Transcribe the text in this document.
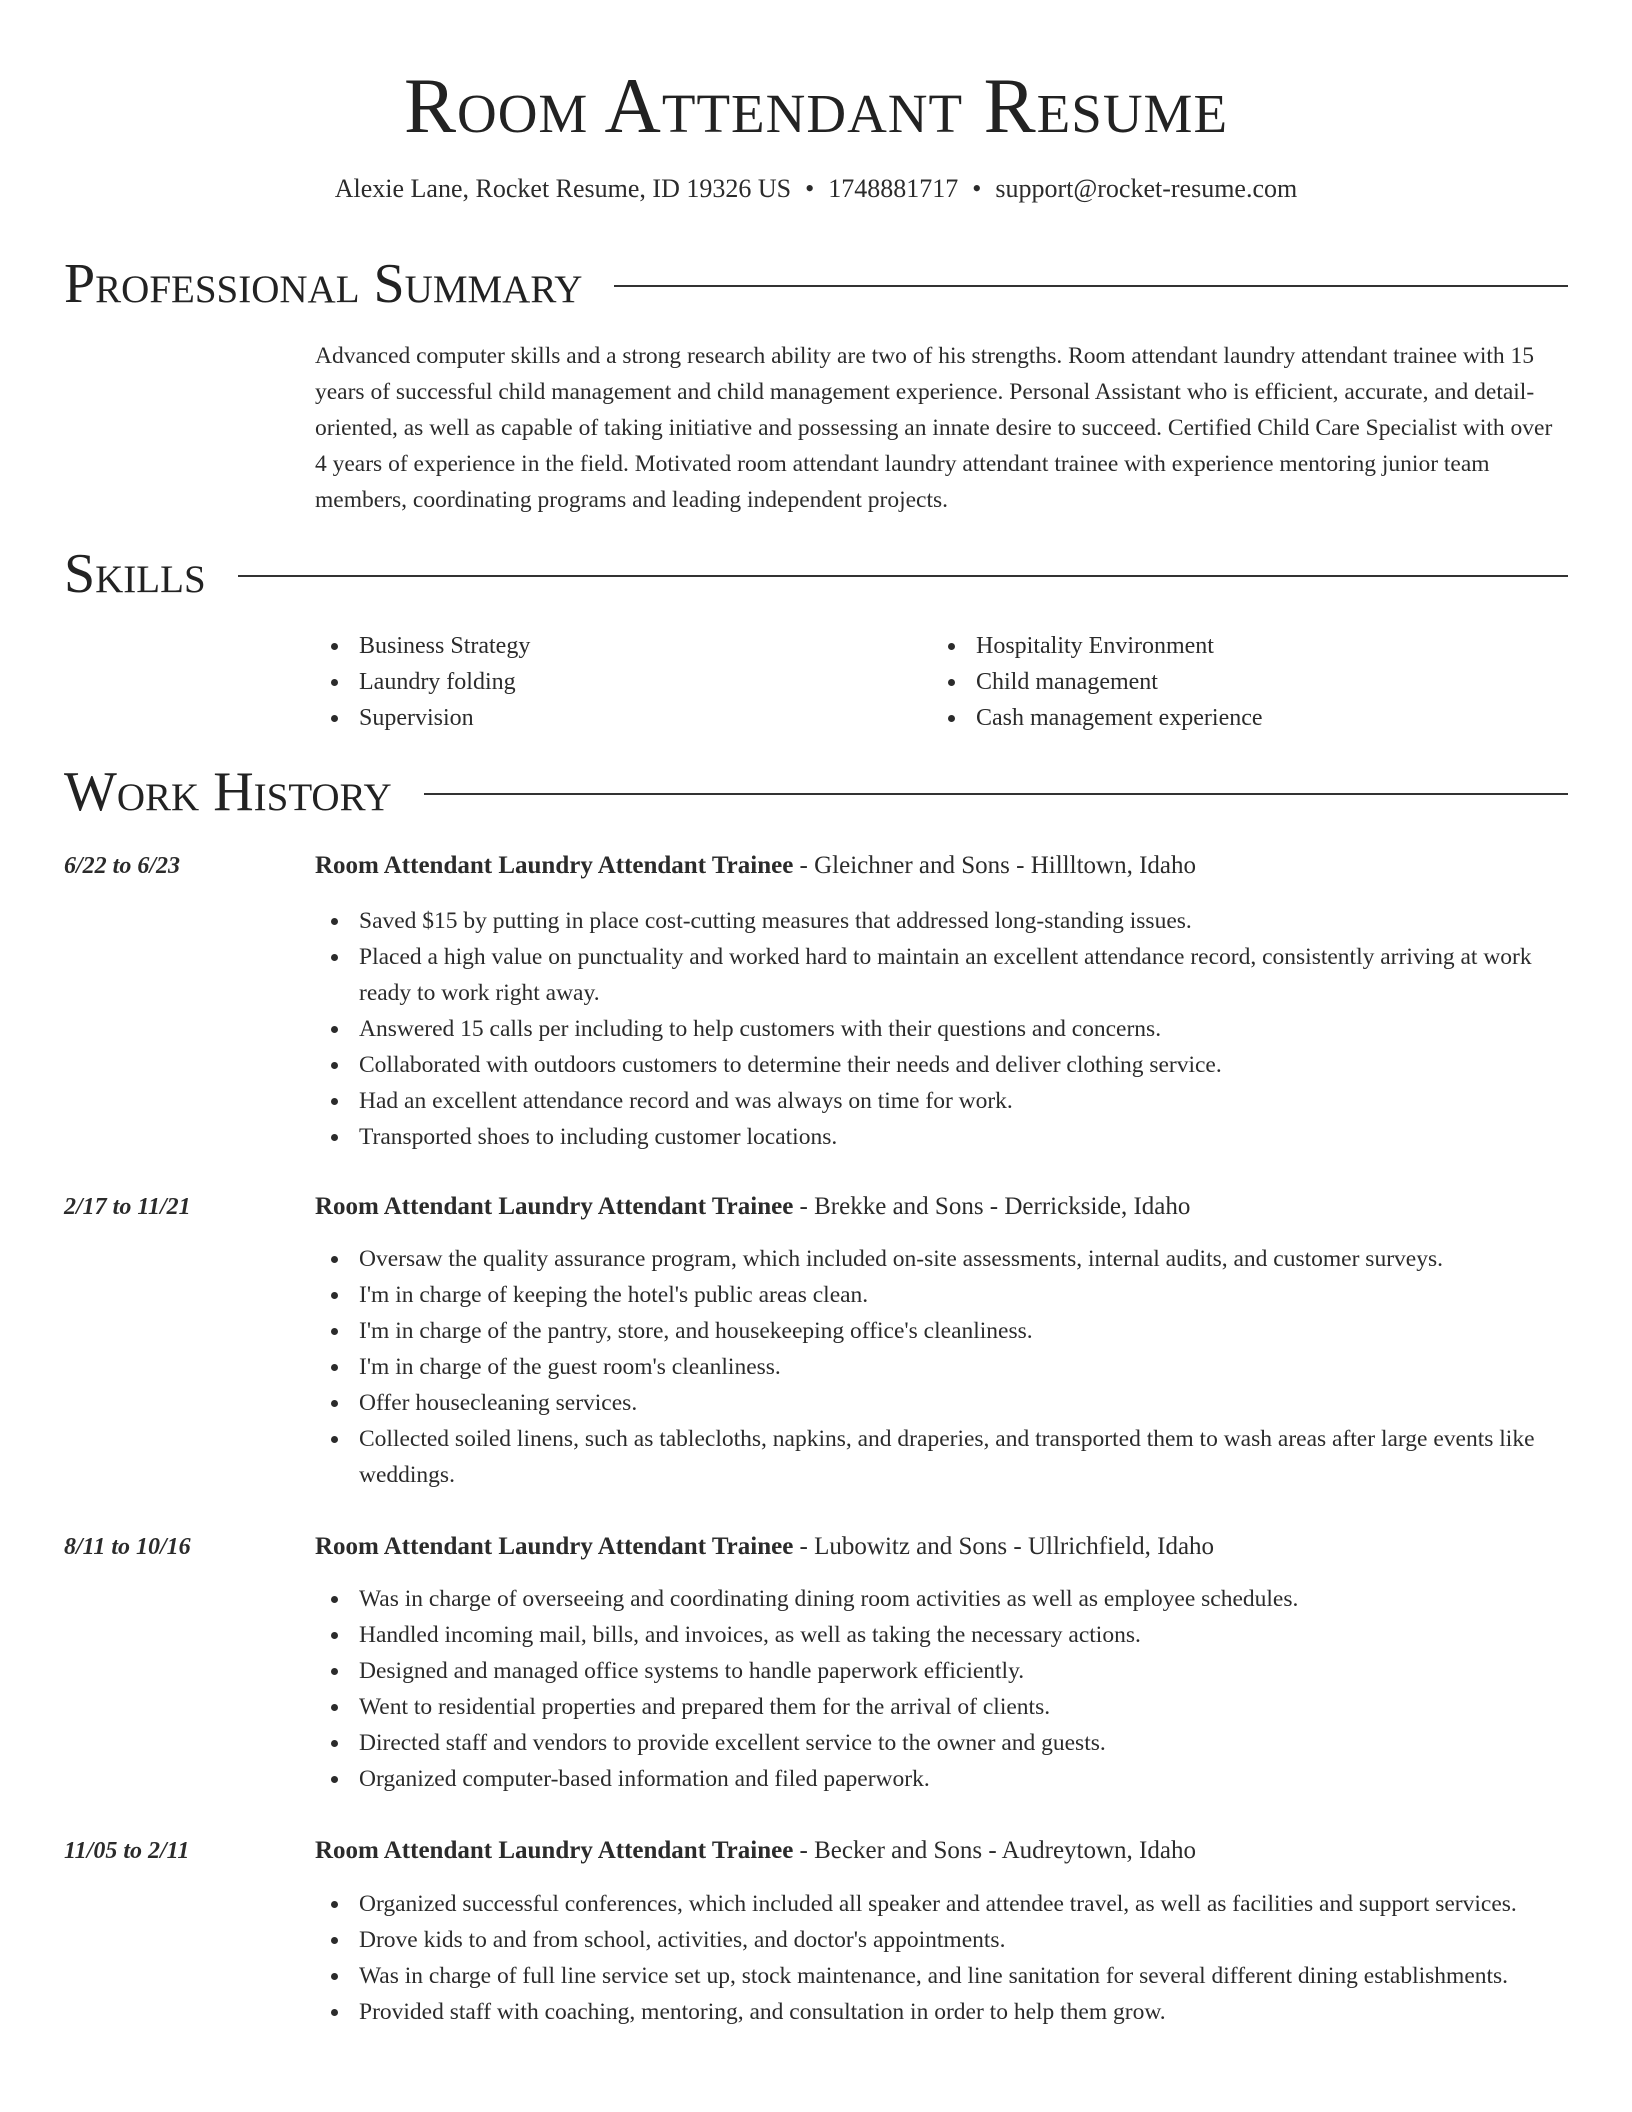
Room Attendant Resume
Alexie Lane, Rocket Resume, ID 19326 US • 1748881717 • support@rocket-resume.com
Professional Summary

Advanced computer skills and a strong research ability are two of his strengths. Room attendant laundry attendant trainee with 15 years of successful child management and child management experience. Personal Assistant who is efficient, accurate, and detail-oriented, as well as capable of taking initiative and possessing an innate desire to succeed. Certified Child Care Specialist with over 4 years of experience in the field. Motivated room attendant laundry attendant trainee with experience mentoring junior team members, coordinating programs and leading independent projects.

Skills
Business Strategy
Laundry folding
Supervision
Hospitality Environment
Child management
Cash management experience
Work History
6/22 to 6/23	Room Attendant Laundry Attendant Trainee - Gleichner and Sons - Hillltown, Idaho
Saved $15 by putting in place cost-cutting measures that addressed long-standing issues.
Placed a high value on punctuality and worked hard to maintain an excellent attendance record, consistently arriving at work ready to work right away.
Answered 15 calls per including to help customers with their questions and concerns.
Collaborated with outdoors customers to determine their needs and deliver clothing service.
Had an excellent attendance record and was always on time for work.
Transported shoes to including customer locations.
2/17 to 11/21	Room Attendant Laundry Attendant Trainee - Brekke and Sons - Derrickside, Idaho
Oversaw the quality assurance program, which included on-site assessments, internal audits, and customer surveys.
I'm in charge of keeping the hotel's public areas clean.
I'm in charge of the pantry, store, and housekeeping office's cleanliness.
I'm in charge of the guest room's cleanliness.
Offer housecleaning services.
Collected soiled linens, such as tablecloths, napkins, and draperies, and transported them to wash areas after large events like weddings.
8/11 to 10/16	Room Attendant Laundry Attendant Trainee - Lubowitz and Sons - Ullrichfield, Idaho
Was in charge of overseeing and coordinating dining room activities as well as employee schedules.
Handled incoming mail, bills, and invoices, as well as taking the necessary actions.
Designed and managed office systems to handle paperwork efficiently.
Went to residential properties and prepared them for the arrival of clients.
Directed staff and vendors to provide excellent service to the owner and guests.
Organized computer-based information and filed paperwork.
11/05 to 2/11	Room Attendant Laundry Attendant Trainee - Becker and Sons - Audreytown, Idaho
Organized successful conferences, which included all speaker and attendee travel, as well as facilities and support services.
Drove kids to and from school, activities, and doctor's appointments.
Was in charge of full line service set up, stock maintenance, and line sanitation for several different dining establishments.
Provided staff with coaching, mentoring, and consultation in order to help them grow.
